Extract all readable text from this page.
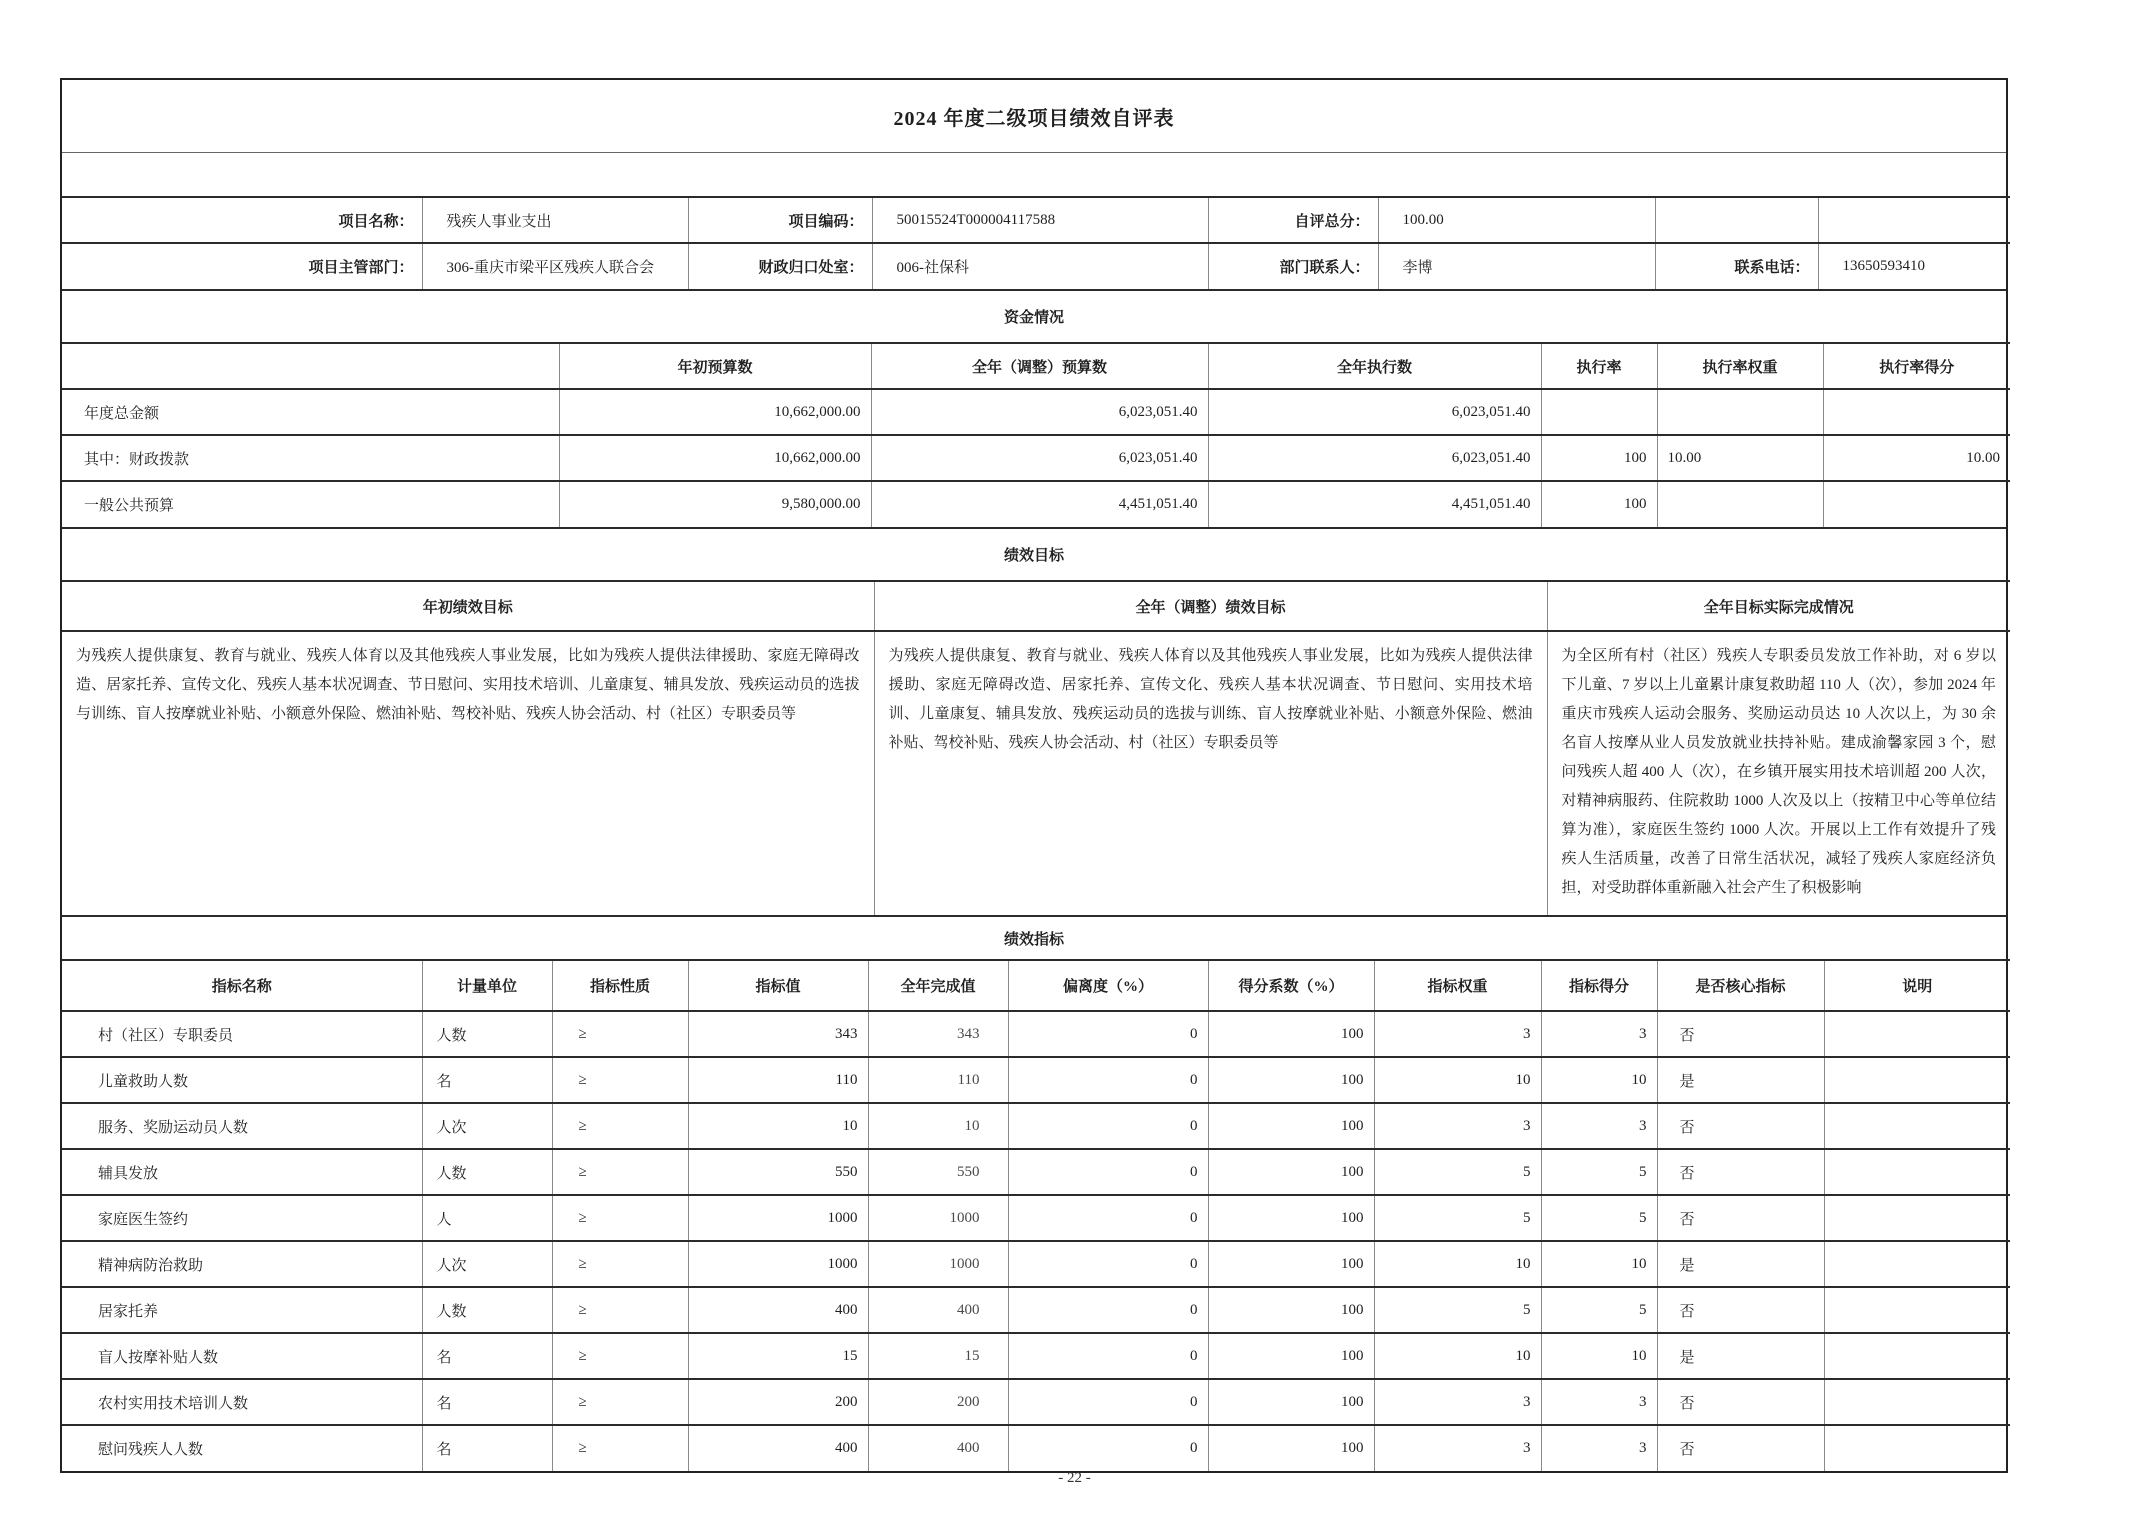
2024 年度二级项目绩效自评表
项目名称：	残疾人事业支出	项目编码：	50015524T000004117588	自评总分：	100.00		
项目主管部门：	306-重庆市梁平区残疾人联合会	财政归口处室：	006-社保科	部门联系人：	李博	联系电话：	13650593410
资金情况
	年初预算数	全年（调整）预算数	全年执行数	执行率	执行率权重	执行率得分
年度总金额	10,662,000.00	6,023,051.40	6,023,051.40			
其中：财政拨款	10,662,000.00	6,023,051.40	6,023,051.40	100	10.00	10.00
一般公共预算	9,580,000.00	4,451,051.40	4,451,051.40	100		
绩效目标
年初绩效目标	全年（调整）绩效目标	全年目标实际完成情况
为残疾人提供康复、教育与就业、残疾人体育以及其他残疾人事业发展，比如为残疾人提供法律援助、家庭无障碍改造、居家托养、宣传文化、残疾人基本状况调查、节日慰问、实用技术培训、儿童康复、辅具发放、残疾运动员的选拔与训练、盲人按摩就业补贴、小额意外保险、燃油补贴、驾校补贴、残疾人协会活动、村（社区）专职委员等	为残疾人提供康复、教育与就业、残疾人体育以及其他残疾人事业发展，比如为残疾人提供法律援助、家庭无障碍改造、居家托养、宣传文化、残疾人基本状况调查、节日慰问、实用技术培训、儿童康复、辅具发放、残疾运动员的选拔与训练、盲人按摩就业补贴、小额意外保险、燃油补贴、驾校补贴、残疾人协会活动、村（社区）专职委员等	为全区所有村（社区）残疾人专职委员发放工作补助，对 6 岁以下儿童、7 岁以上儿童累计康复救助超 110 人（次），参加 2024 年重庆市残疾人运动会服务、奖励运动员达 10 人次以上，为 30 余名盲人按摩从业人员发放就业扶持补贴。建成渝馨家园 3 个，慰问残疾人超 400 人（次），在乡镇开展实用技术培训超 200 人次，对精神病服药、住院救助 1000 人次及以上（按精卫中心等单位结算为准），家庭医生签约 1000 人次。开展以上工作有效提升了残疾人生活质量，改善了日常生活状况，减轻了残疾人家庭经济负担，对受助群体重新融入社会产生了积极影响
绩效指标
指标名称	计量单位	指标性质	指标值	全年完成值	偏离度（%）	得分系数（%）	指标权重	指标得分	是否核心指标	说明
村（社区）专职委员	人数	≥	343	343	0	100	3	3	否	
儿童救助人数	名	≥	110	110	0	100	10	10	是	
服务、奖励运动员人数	人次	≥	10	10	0	100	3	3	否	
辅具发放	人数	≥	550	550	0	100	5	5	否	
家庭医生签约	人	≥	1000	1000	0	100	5	5	否	
精神病防治救助	人次	≥	1000	1000	0	100	10	10	是	
居家托养	人数	≥	400	400	0	100	5	5	否	
盲人按摩补贴人数	名	≥	15	15	0	100	10	10	是	
农村实用技术培训人数	名	≥	200	200	0	100	3	3	否	
慰问残疾人人数	名	≥	400	400	0	100	3	3	否	
- 22 -
